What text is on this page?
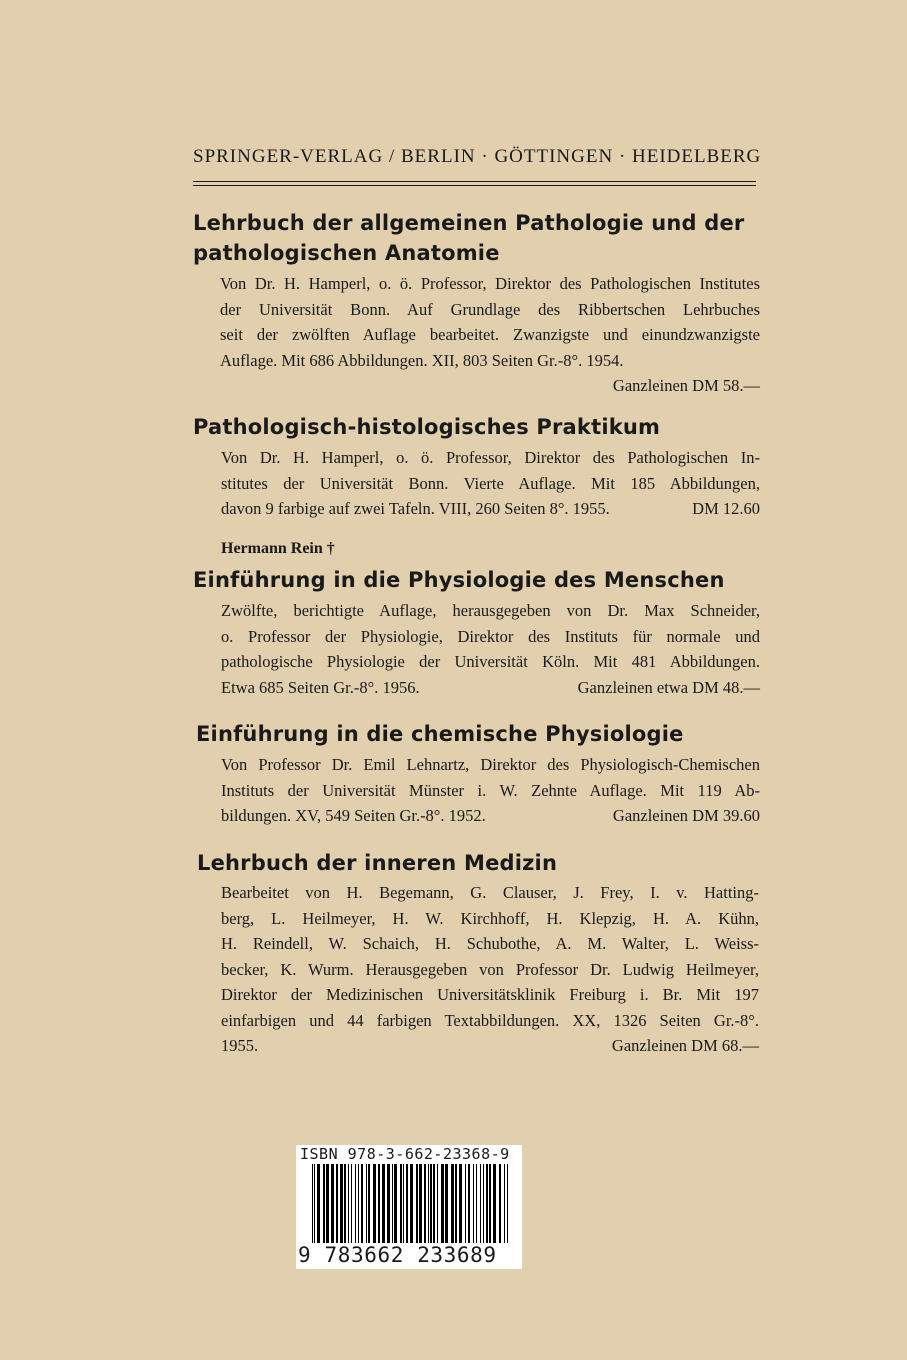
SPRINGER-VERLAG / BERLIN · GÖTTINGEN · HEIDELBERG
Lehrbuch der allgemeinen Pathologie und der
pathologischen Anatomie
Von Dr. H. Hamperl, o. ö. Professor, Direktor des Pathologischen Institutes
der Universität Bonn. Auf Grundlage des Ribbertschen Lehrbuches
seit der zwölften Auflage bearbeitet. Zwanzigste und einundzwanzigste
Auflage. Mit 686 Abbildungen. XII, 803 Seiten Gr.-8°. 1954.
Ganzleinen DM 58.—
Pathologisch-histologisches Praktikum
Von Dr. H. Hamperl, o. ö. Professor, Direktor des Pathologischen In-
stitutes der Universität Bonn. Vierte Auflage. Mit 185 Abbildungen,
davon 9 farbige auf zwei Tafeln. VIII, 260 Seiten 8°. 1955.	DM 12.60
Hermann Rein †
Einführung in die Physiologie des Menschen
Zwölfte, berichtigte Auflage, herausgegeben von Dr. Max Schneider,
o. Professor der Physiologie, Direktor des Instituts für normale und
pathologische Physiologie der Universität Köln. Mit 481 Abbildungen.
Etwa 685 Seiten Gr.-8°. 1956.	Ganzleinen etwa DM 48.—
Einführung in die chemische Physiologie
Von Professor Dr. Emil Lehnartz, Direktor des Physiologisch-Chemischen
Instituts der Universität Münster i. W. Zehnte Auflage. Mit 119 Ab-
bildungen. XV, 549 Seiten Gr.-8°. 1952.	Ganzleinen DM 39.60
Lehrbuch der inneren Medizin
Bearbeitet von H. Begemann, G. Clauser, J. Frey, I. v. Hatting-
berg, L. Heilmeyer, H. W. Kirchhoff, H. Klepzig, H. A. Kühn,
H. Reindell, W. Schaich, H. Schubothe, A. M. Walter, L. Weiss-
becker, K. Wurm. Herausgegeben von Professor Dr. Ludwig Heilmeyer,
Direktor der Medizinischen Universitätsklinik Freiburg i. Br. Mit 197
einfarbigen und 44 farbigen Textabbildungen. XX, 1326 Seiten Gr.-8°.
1955.	Ganzleinen DM 68.—
ISBN 978-3-662-23368-9
9 783662 233689
